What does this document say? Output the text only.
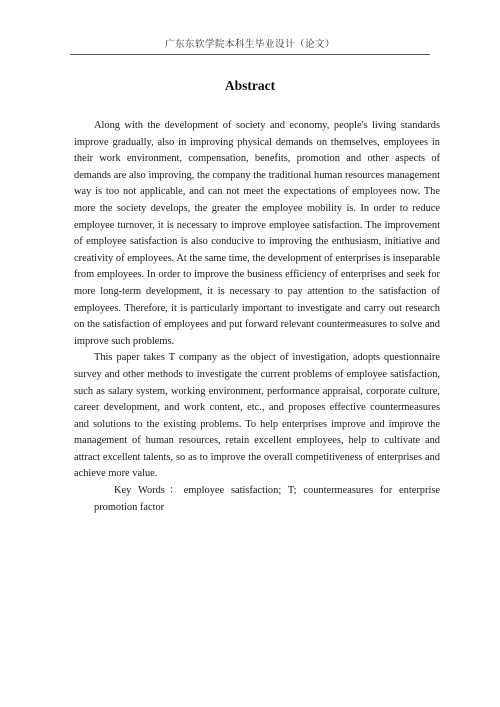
广东东软学院本科生毕业设计（论文）
Abstract

Along with the development of society and economy, people's living standards improve gradually, also in improving physical demands on themselves, employees in their work environment, compensation, benefits, promotion and other aspects of demands are also improving, the company the traditional human resources management way is too not applicable, and can not meet the expectations of employees now. The more the society develops, the greater the employee mobility is. In order to reduce employee turnover, it is necessary to improve employee satisfaction. The improvement of employee satisfaction is also conducive to improving the enthusiasm, initiative and creativity of employees. At the same time, the development of enterprises is inseparable from employees. In order to improve the business efficiency of enterprises and seek for more long-term development, it is necessary to pay attention to the satisfaction of employees. Therefore, it is particularly important to investigate and carry out research on the satisfaction of employees and put forward relevant countermeasures to solve and improve such problems.

This paper takes T company as the object of investigation, adopts questionnaire survey and other methods to investigate the current problems of employee satisfaction, such as salary system, working environment, performance appraisal, corporate culture, career development, and work content, etc., and proposes effective countermeasures and solutions to the existing problems. To help enterprises improve and improve the management of human resources, retain excellent employees, help to cultivate and attract excellent talents, so as to improve the overall competitiveness of enterprises and achieve more value.

Key Words：employee satisfaction; T; countermeasures for enterprise promotion factor
